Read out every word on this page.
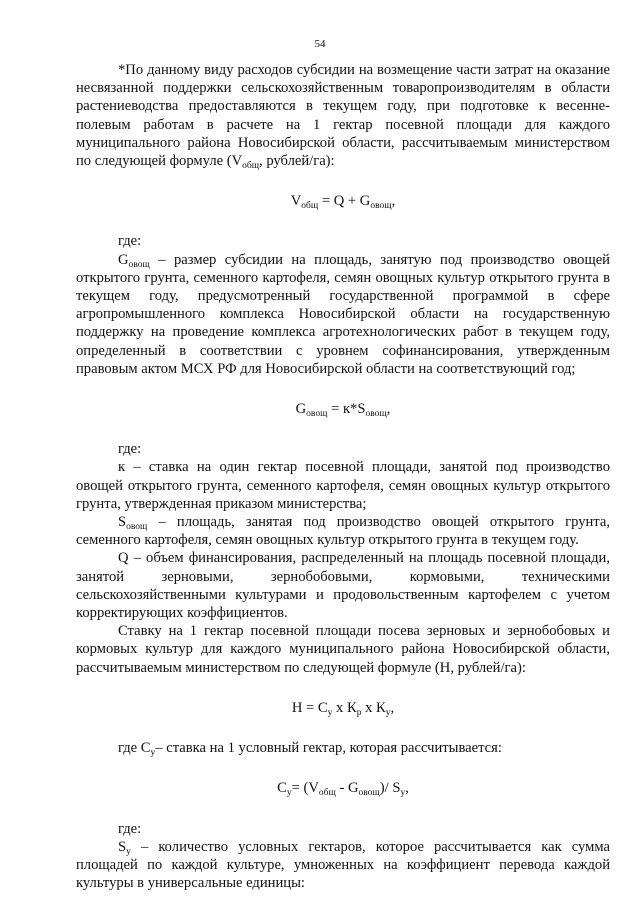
54

*По данному виду расходов субсидии на возмещение части затрат на оказание несвязанной поддержки сельскохозяйственным товаропроизводителям в области растениеводства предоставляются в текущем году, при подготовке к весенне-полевым работам в расчете на 1 гектар посевной площади для каждого муниципального района Новосибирской области, рассчитываемым министерством по следующей формуле ($V_{общ}$, рублей/га):

$V_{общ} = Q + G_{овощ}$,

где:

$G_{овощ}$ – размер субсидии на площадь, занятую под производство овощей открытого грунта, семенного картофеля, семян овощных культур открытого грунта в текущем году, предусмотренный государственной программой в сфере агропромышленного комплекса Новосибирской области на государственную поддержку на проведение комплекса агротехнологических работ в текущем году, определенный в соответствии с уровнем софинансирования, утвержденным правовым актом МСХ РФ для Новосибирской области на соответствующий год;

$G_{овощ} = к*S_{овощ}$,

где:

к – ставка на один гектар посевной площади, занятой под производство овощей открытого грунта, семенного картофеля, семян овощных культур открытого грунта, утвержденная приказом министерства;

$S_{овощ}$ – площадь, занятая под производство овощей открытого грунта, семенного картофеля, семян овощных культур открытого грунта в текущем году.

Q – объем финансирования, распределенный на площадь посевной площади, занятой зерновыми, зернобобовыми, кормовыми, техническими сельскохозяйственными культурами и продовольственным картофелем с учетом корректирующих коэффициентов.

Ставку на 1 гектар посевной площади посева зерновых и зернобобовых и кормовых культур для каждого муниципального района Новосибирской области, рассчитываемым министерством по следующей формуле (Н, рублей/га):

$Н = С_у$ х $К_р$ х $К_у$,

где $С_у-$ ставка на 1 условный гектар, которая рассчитывается:

$С_у= (V_{общ} - G_{овощ})/$ $S_у$,

где:

$S_у$ – количество условных гектаров, которое рассчитывается как сумма площадей по каждой культуре, умноженных на коэффициент перевода каждой культуры в универсальные единицы:
